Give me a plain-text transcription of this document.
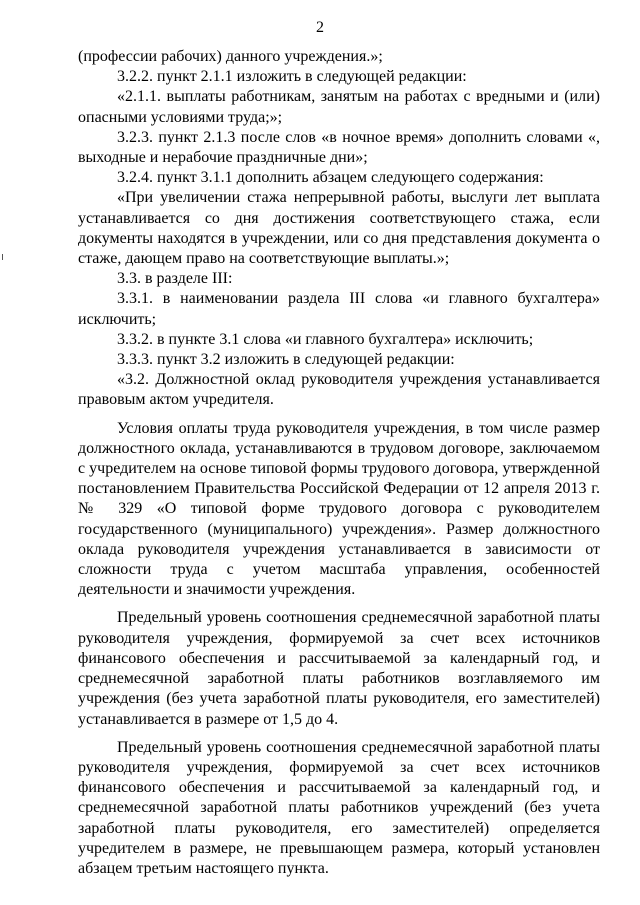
2

(профессии рабочих) данного учреждения.»;

3.2.2. пункт 2.1.1 изложить в следующей редакции:

«2.1.1. выплаты работникам, занятым на работах с вредными и (или) опасными условиями труда;»;

3.2.3. пункт 2.1.3 после слов «в ночное время» дополнить словами «, выходные и нерабочие праздничные дни»;

3.2.4. пункт 3.1.1 дополнить абзацем следующего содержания:

«При увеличении стажа непрерывной работы, выслуги лет выплата устанавливается со дня достижения соответствующего стажа, если документы находятся в учреждении, или со дня представления документа о стаже, дающем право на соответствующие выплаты.»;

3.3. в разделе III:

3.3.1. в наименовании раздела III слова «и главного бухгалтера» исключить;

3.3.2. в пункте 3.1 слова «и главного бухгалтера» исключить;

3.3.3. пункт 3.2 изложить в следующей редакции:

«3.2. Должностной оклад руководителя учреждения устанавливается правовым актом учредителя.

Условия оплаты труда руководителя учреждения, в том числе размер должностного оклада, устанавливаются в трудовом договоре, заключаемом с учредителем на основе типовой формы трудового договора, утвержденной постановлением Правительства Российской Федерации от 12 апреля 2013 г. № 329 «О типовой форме трудового договора с руководителем государственного (муниципального) учреждения». Размер должностного оклада руководителя учреждения устанавливается в зависимости от сложности труда с учетом масштаба управления, особенностей деятельности и значимости учреждения.

Предельный уровень соотношения среднемесячной заработной платы руководителя учреждения, формируемой за счет всех источников финансового обеспечения и рассчитываемой за календарный год, и среднемесячной заработной платы работников возглавляемого им учреждения (без учета заработной платы руководителя, его заместителей) устанавливается в размере от 1,5 до 4.

Предельный уровень соотношения среднемесячной заработной платы руководителя учреждения, формируемой за счет всех источников финансового обеспечения и рассчитываемой за календарный год, и среднемесячной заработной платы работников учреждений (без учета заработной платы руководителя, его заместителей) определяется учредителем в размере, не превышающем размера, который установлен абзацем третьим настоящего пункта.
